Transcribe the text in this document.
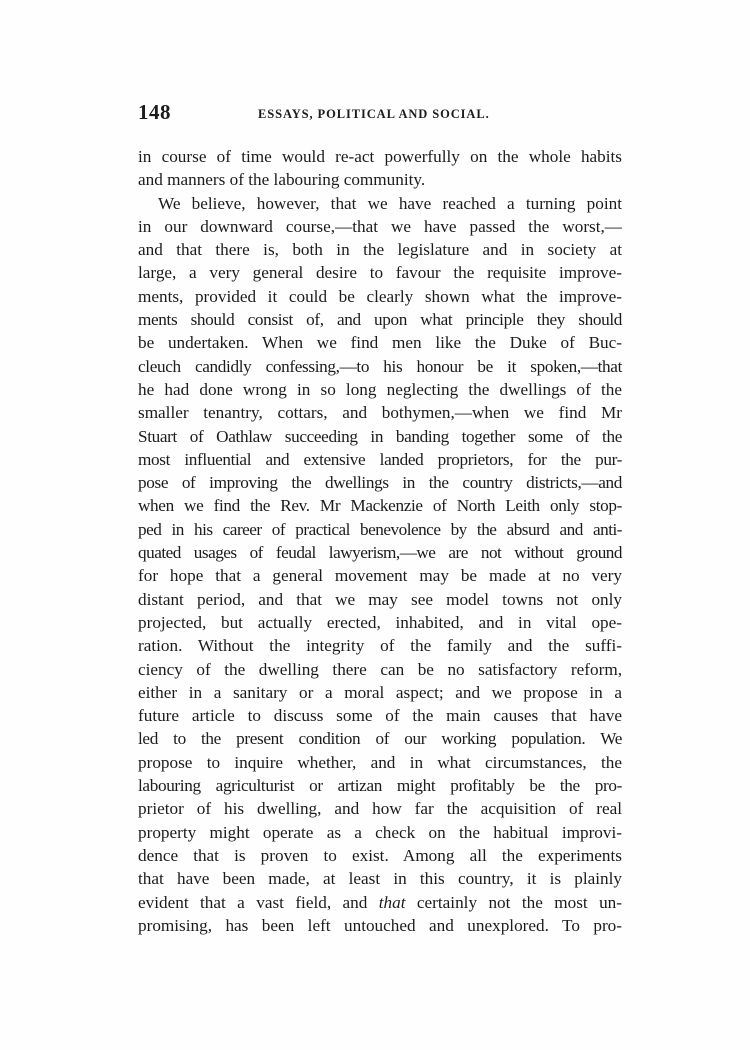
148	ESSAYS, POLITICAL AND SOCIAL.
in course of time would re-act powerfully on the whole habits
and manners of the labouring community.
We believe, however, that we have reached a turning point
in our downward course,—that we have passed the worst,—
and that there is, both in the legislature and in society at
large, a very general desire to favour the requisite improve-
ments, provided it could be clearly shown what the improve-
ments should consist of, and upon what principle they should
be undertaken. When we find men like the Duke of Buc-
cleuch candidly confessing,—to his honour be it spoken,—that
he had done wrong in so long neglecting the dwellings of the
smaller tenantry, cottars, and bothymen,—when we find Mr
Stuart of Oathlaw succeeding in banding together some of the
most influential and extensive landed proprietors, for the pur-
pose of improving the dwellings in the country districts,—and
when we find the Rev. Mr Mackenzie of North Leith only stop-
ped in his career of practical benevolence by the absurd and anti-
quated usages of feudal lawyerism,—we are not without ground
for hope that a general movement may be made at no very
distant period, and that we may see model towns not only
projected, but actually erected, inhabited, and in vital ope-
ration. Without the integrity of the family and the suffi-
ciency of the dwelling there can be no satisfactory reform,
either in a sanitary or a moral aspect; and we propose in a
future article to discuss some of the main causes that have
led to the present condition of our working population. We
propose to inquire whether, and in what circumstances, the
labouring agriculturist or artizan might profitably be the pro-
prietor of his dwelling, and how far the acquisition of real
property might operate as a check on the habitual improvi-
dence that is proven to exist. Among all the experiments
that have been made, at least in this country, it is plainly
evident that a vast field, and that certainly not the most un-
promising, has been left untouched and unexplored. To pro-
